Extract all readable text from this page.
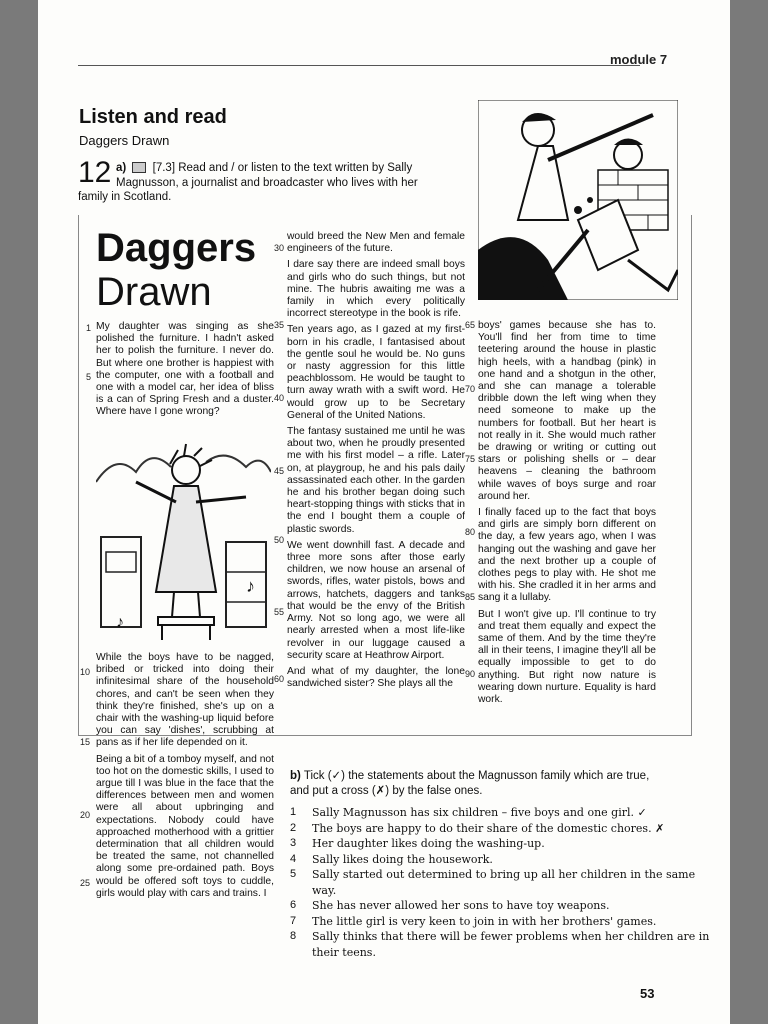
module 7
Listen and read
Daggers Drawn
12 a) [7.3] Read and / or listen to the text written by Sally
Magnusson, a journalist and broadcaster who lives with her
family in Scotland.
Daggers
Drawn

My daughter was singing as she polished the furniture. I hadn't asked her to polish the furniture. I never do. But where one brother is happiest with the computer, one with a football and one with a model car, her idea of bliss is a can of Spring Fresh and a duster. Where have I gone wrong?

♪
♪

While the boys have to be nagged, bribed or tricked into doing their infinitesimal share of the household chores, and can't be seen when they think they're finished, she's up on a chair with the washing-up liquid before you can say 'dishes', scrubbing at pans as if her life depended on it.

Being a bit of a tomboy myself, and not too hot on the domestic skills, I used to argue till I was blue in the face that the differences between men and women were all about upbringing and expectations. Nobody could have approached motherhood with a grittier determination that all children would be treated the same, not channelled along some pre-ordained path. Boys would be offered soft toys to cuddle, girls would play with cars and trains. I

would breed the New Men and female engineers of the future.

I dare say there are indeed small boys and girls who do such things, but not mine. The hubris awaiting me was a family in which every politically incorrect stereotype in the book is rife.

Ten years ago, as I gazed at my first-born in his cradle, I fantasised about the gentle soul he would be. No guns or nasty aggression for this little peachblossom. He would be taught to turn away wrath with a swift word. He would grow up to be Secretary General of the United Nations.

The fantasy sustained me until he was about two, when he proudly presented me with his first model – a rifle. Later on, at playgroup, he and his pals daily assassinated each other. In the garden he and his brother began doing such heart-stopping things with sticks that in the end I bought them a couple of plastic swords.

We went downhill fast. A decade and three more sons after those early children, we now house an arsenal of swords, rifles, water pistols, bows and arrows, hatchets, daggers and tanks that would be the envy of the British Army. Not so long ago, we were all nearly arrested when a most life-like revolver in our luggage caused a security scare at Heathrow Airport.

And what of my daughter, the lone sandwiched sister? She plays all the

boys' games because she has to. You'll find her from time to time teetering around the house in plastic high heels, with a handbag (pink) in one hand and a shotgun in the other, and she can manage a tolerable dribble down the left wing when they need someone to make up the numbers for football. But her heart is not really in it. She would much rather be drawing or writing or cutting out stars or polishing shells or – dear heavens – cleaning the bathroom while waves of boys surge and roar around her.

I finally faced up to the fact that boys and girls are simply born different on the day, a few years ago, when I was hanging out the washing and gave her and the next brother up a couple of clothes pegs to play with. He shot me with his. She cradled it in her arms and sang it a lullaby.

But I won't give up. I'll continue to try and treat them equally and expect the same of them. And by the time they're all in their teens, I imagine they'll all be equally impossible to get to do anything. But right now nature is wearing down nurture. Equality is hard work.

1
5
10
15
20
25
30
35
40
45
50
55
60
65
70
75
80
85
90
b) Tick (✓) the statements about the Magnusson family which are true,
and put a cross (✗) by the false ones.
1	Sally Magnusson has six children – five boys and one girl. ✓
2	The boys are happy to do their share of the domestic chores. ✗
3	Her daughter likes doing the washing-up.
4	Sally likes doing the housework.
5	Sally started out determined to bring up all her children in the same way.
6	She has never allowed her sons to have toy weapons.
7	The little girl is very keen to join in with her brothers' games.
8	Sally thinks that there will be fewer problems when her children are in their teens.
53
